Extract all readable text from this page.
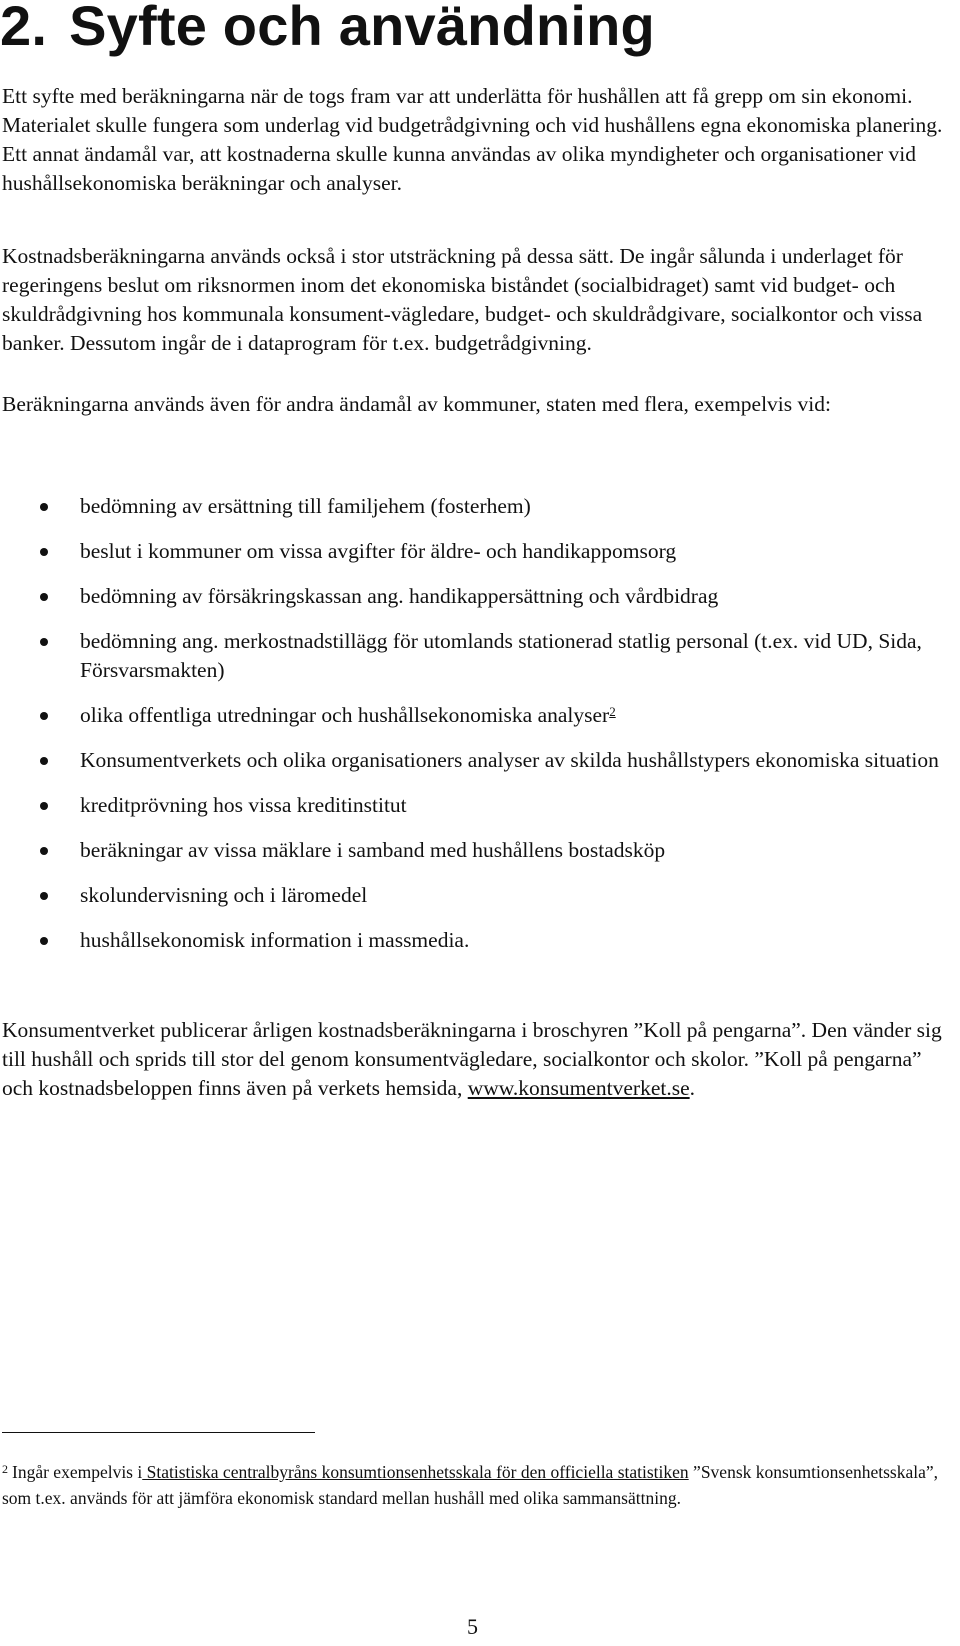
2. Syfte och användning

Ett syfte med beräkningarna när de togs fram var att underlätta för hushållen att få grepp om sin ekonomi. Materialet skulle fungera som underlag vid budgetrådgivning och vid hushållens egna ekonomiska planering. Ett annat ändamål var, att kostnaderna skulle kunna användas av olika myndigheter och organisationer vid hushållsekonomiska beräkningar och analyser.

Kostnadsberäkningarna används också i stor utsträckning på dessa sätt. De ingår sålunda i underlaget för regeringens beslut om riksnormen inom det ekonomiska biståndet (socialbidraget) samt vid budget- och skuldrådgivning hos kommunala konsument-vägledare, budget- och skuldrådgivare, socialkontor och vissa banker. Dessutom ingår de i dataprogram för t.ex. budgetrådgivning.

Beräkningarna används även för andra ändamål av kommuner, staten med flera, exempelvis vid:

bedömning av ersättning till familjehem (fosterhem)
beslut i kommuner om vissa avgifter för äldre- och handikappomsorg
bedömning av försäkringskassan ang. handikappersättning och vårdbidrag
bedömning ang. merkostnadstillägg för utomlands stationerad statlig personal (t.ex. vid UD, Sida, Försvarsmakten)
olika offentliga utredningar och hushållsekonomiska analyser$^2$
Konsumentverkets och olika organisationers analyser av skilda hushållstypers ekonomiska situation
kreditprövning hos vissa kreditinstitut
beräkningar av vissa mäklare i samband med hushållens bostadsköp
skolundervisning och i läromedel
hushållsekonomisk information i massmedia.

Konsumentverket publicerar årligen kostnadsberäkningarna i broschyren ”Koll på pengarna”. Den vänder sig till hushåll och sprids till stor del genom konsumentvägledare, socialkontor och skolor. ”Koll på pengarna” och kostnadsbeloppen finns även på verkets hemsida, www.konsumentverket.se.

$^2$ Ingår exempelvis i Statistiska centralbyråns konsumtionsenhetsskala för den officiella statistiken ”Svensk konsumtionsenhetsskala”, som t.ex. används för att jämföra ekonomisk standard mellan hushåll med olika sammansättning.

5
